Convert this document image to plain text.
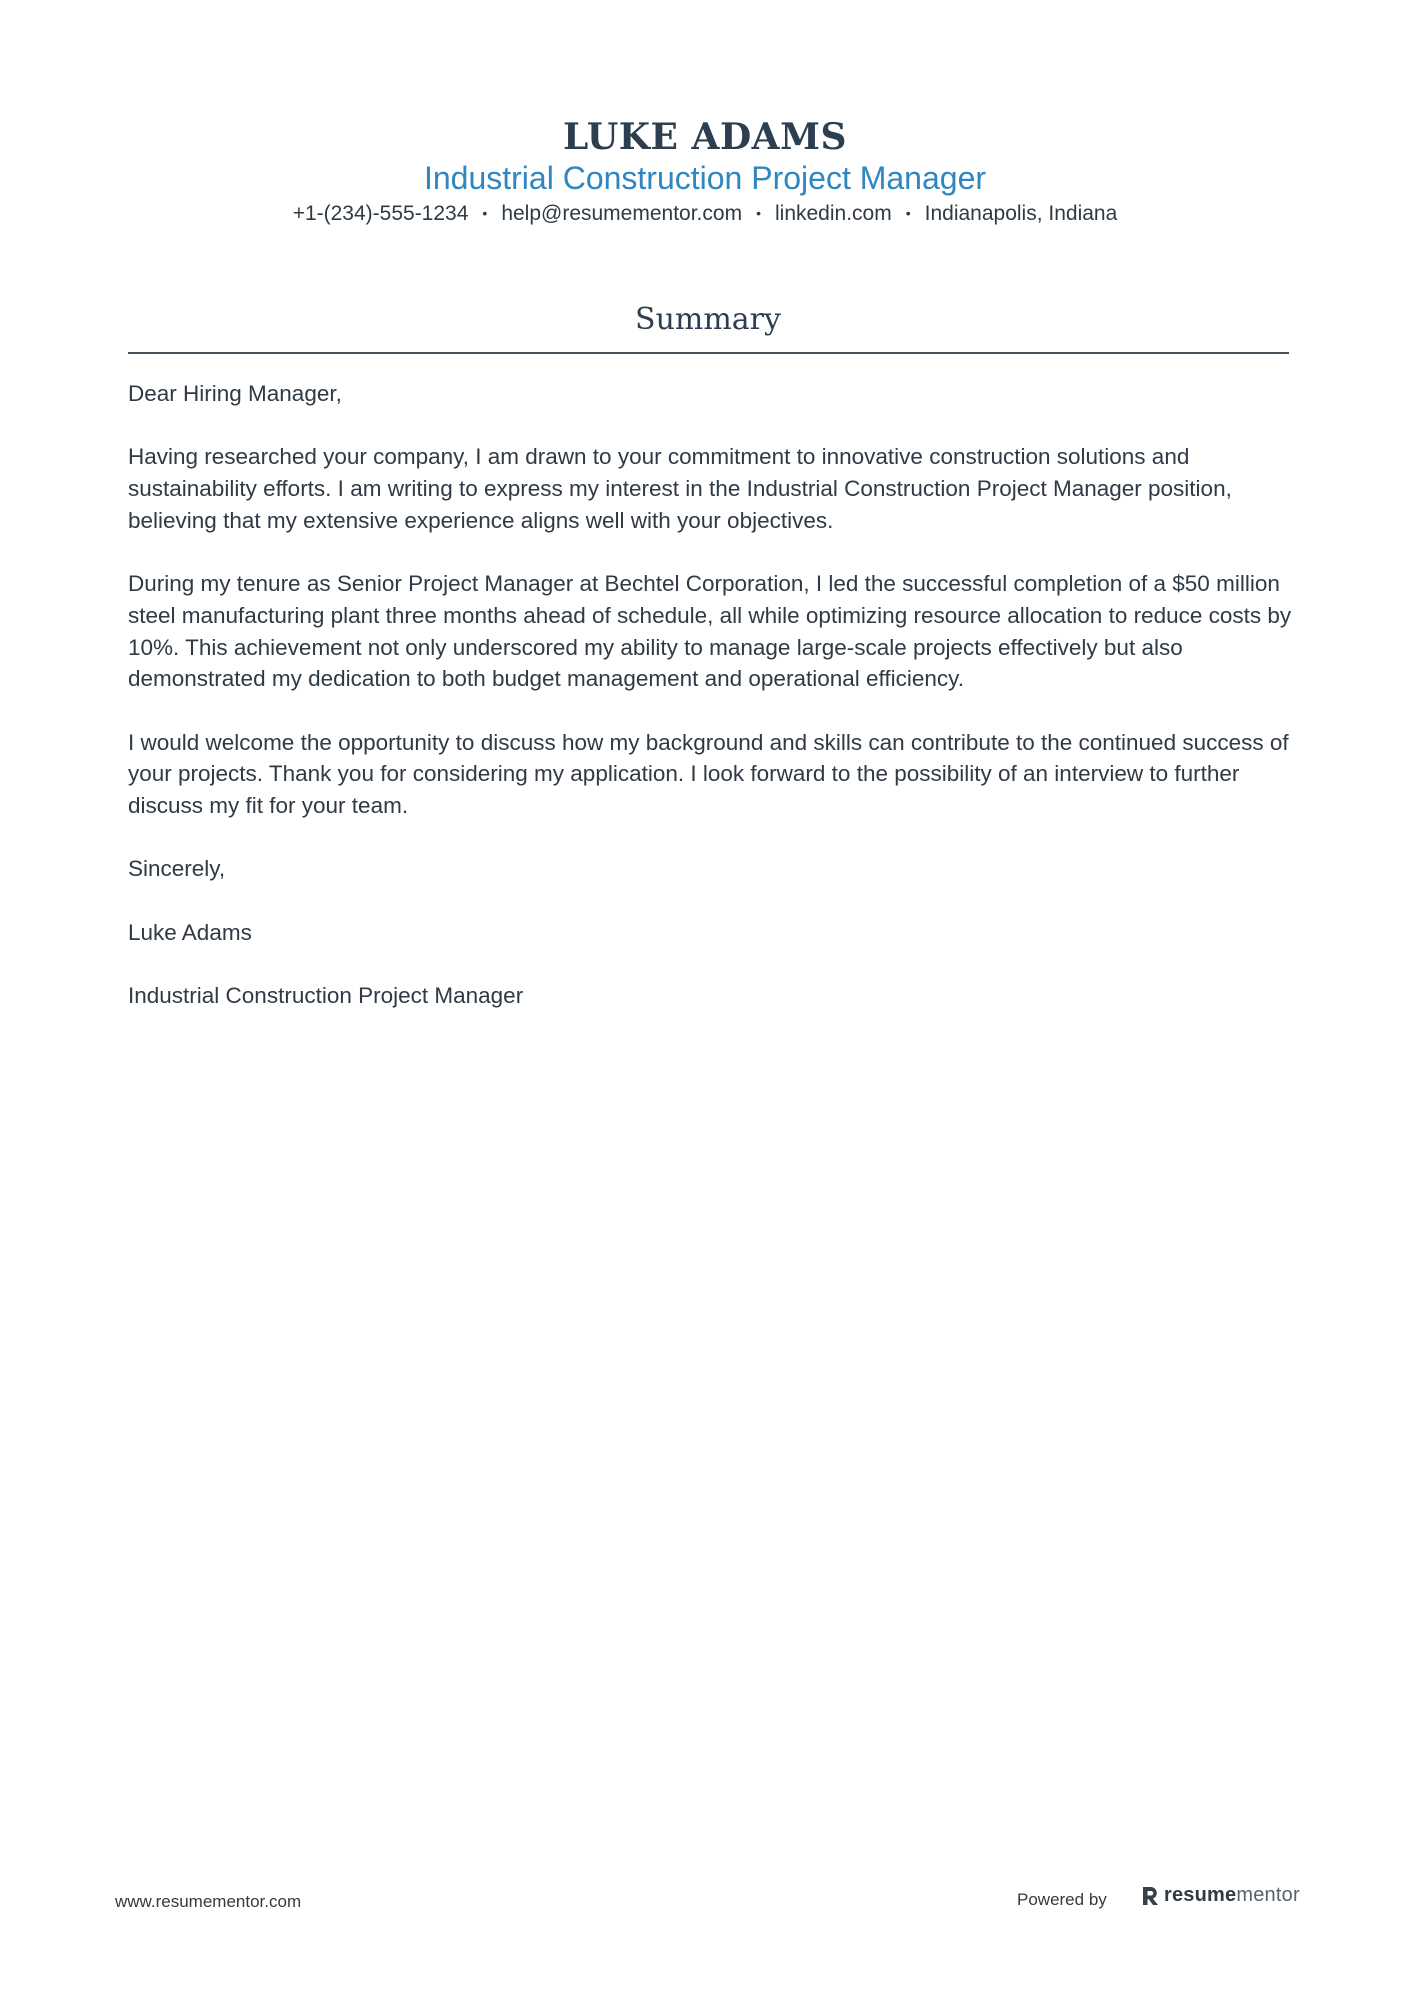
LUKE ADAMS
Industrial Construction Project Manager
+1-(234)-555-1234 • help@resumementor.com • linkedin.com • Indianapolis, Indiana
Summary

Dear Hiring Manager,

Having researched your company, I am drawn to your commitment to innovative construction solutions and sustainability efforts. I am writing to express my interest in the Industrial Construction Project Manager position, believing that my extensive experience aligns well with your objectives.

During my tenure as Senior Project Manager at Bechtel Corporation, I led the successful completion of a $50 million steel manufacturing plant three months ahead of schedule, all while optimizing resource allocation to reduce costs by 10%. This achievement not only underscored my ability to manage large-scale projects effectively but also demonstrated my dedication to both budget management and operational efficiency.

I would welcome the opportunity to discuss how my background and skills can contribute to the continued success of your projects. Thank you for considering my application. I look forward to the possibility of an interview to further discuss my fit for your team.

Sincerely,

Luke Adams

Industrial Construction Project Manager

www.resumementor.com	Powered by	resumementor
